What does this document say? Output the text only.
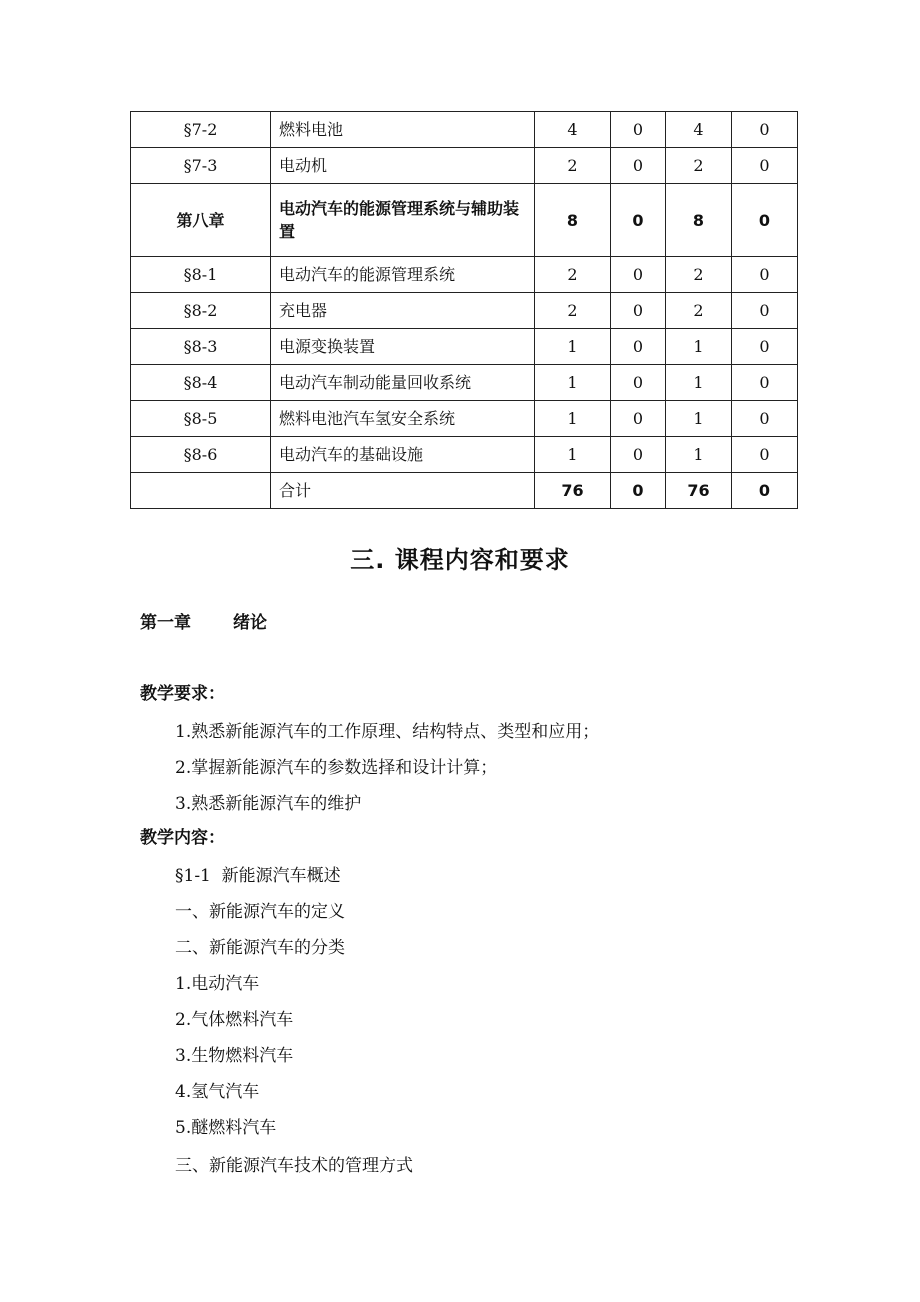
§7-2	燃料电池	4	0	4	0
§7-3	电动机	2	0	2	0
第八章	电动汽车的能源管理系统与辅助装置	8	0	8	0
§8-1	电动汽车的能源管理系统	2	0	2	0
§8-2	充电器	2	0	2	0
§8-3	电源变换装置	1	0	1	0
§8-4	电动汽车制动能量回收系统	1	0	1	0
§8-5	燃料电池汽车氢安全系统	1	0	1	0
§8-6	电动汽车的基础设施	1	0	1	0
	合计	76	0	76	0
三. 课程内容和要求
第一章 绪论
教学要求：
1.熟悉新能源汽车的工作原理、结构特点、类型和应用；
2.掌握新能源汽车的参数选择和设计计算；
3.熟悉新能源汽车的维护
教学内容：
§1-1  新能源汽车概述
一、新能源汽车的定义
二、新能源汽车的分类
1.电动汽车
2.气体燃料汽车
3.生物燃料汽车
4.氢气汽车
5.醚燃料汽车
三、新能源汽车技术的管理方式
